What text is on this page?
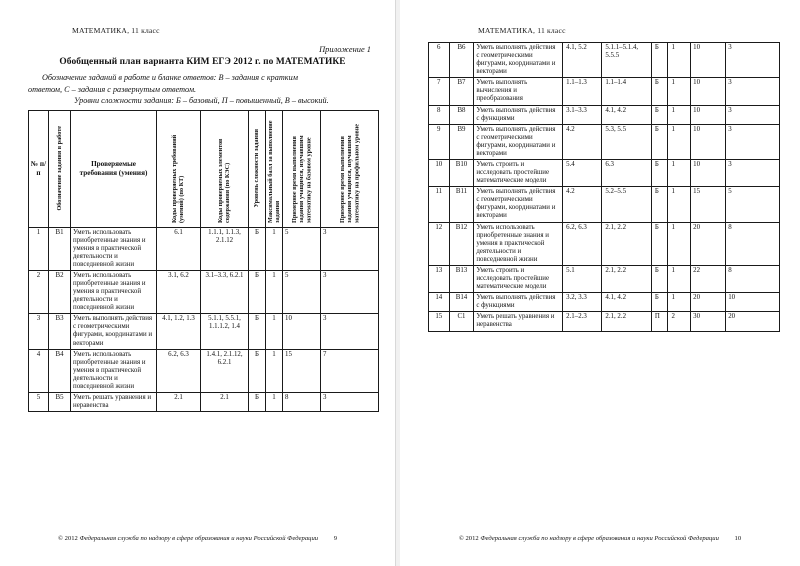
МАТЕМАТИКА, 11 класс
Приложение 1
Обобщенный план варианта КИМ ЕГЭ 2012 г. по МАТЕМАТИКЕ
Обозначение заданий в работе и бланке ответов: В – задания с кратким
ответом, С – задания с развернутым ответом.
Уровни сложности задания: Б – базовый, П – повышенный, В – высокий.
№ п/п	Обозначение задания в работе	Проверяемые требования (умения)	Коды проверяемых требований (умений) (по КТ)	Коды проверяемых элементов содержания (по КЭС)	Уровень сложности задания	Максимальный балл за выполнение задания	Примерное время выполнения задания учащимся, изучавшим математику на базовом уровне	Примерное время выполнения задания учащимся, изучавшим математику на профильном уровне

1	В1	Уметь использовать приобретенные знания и умения в практической деятельности и повседневной жизни	6.1	1.1.1, 1.1.3, 2.1.12	Б	1	5	3
2	В2	Уметь использовать приобретенные знания и умения в практической деятельности и повседневной жизни	3.1, 6.2	3.1–3.3, 6.2.1	Б	1	5	3
3	В3	Уметь выполнять действия с геометрическими фигурами, координатами и векторами	4.1, 1.2, 1.3	5.1.1, 5.5.1, 1.1.1.2, 1.4	Б	1	10	3
4	В4	Уметь использовать приобретенные знания и умения в практической деятельности и повседневной жизни	6.2, 6.3	1.4.1, 2.1.12, 6.2.1	Б	1	15	7
5	В5	Уметь решать уравнения и неравенства	2.1	2.1	Б	1	8	3
© 2012 Федеральная служба по надзору в сфере образования и науки Российской Федерации 9
МАТЕМАТИКА, 11 класс
6	В6	Уметь выполнять действия с геометрическими фигурами, координатами и векторами	4.1, 5.2	5.1.1–5.1.4, 5.5.5	Б	1	10	3
7	В7	Уметь выполнять вычисления и преобразования	1.1–1.3	1.1–1.4	Б	1	10	3
8	В8	Уметь выполнять действия с функциями	3.1–3.3	4.1, 4.2	Б	1	10	3
9	В9	Уметь выполнять действия с геометрическими фигурами, координатами и векторами	4.2	5.3, 5.5	Б	1	10	3
10	В10	Уметь строить и исследовать простейшие математические модели	5.4	6.3	Б	1	10	3
11	В11	Уметь выполнять действия с геометрическими фигурами, координатами и векторами	4.2	5.2–5.5	Б	1	15	5
12	В12	Уметь использовать приобретенные знания и умения в практической деятельности и повседневной жизни	6.2, 6.3	2.1, 2.2	Б	1	20	8
13	В13	Уметь строить и исследовать простейшие математические модели	5.1	2.1, 2.2	Б	1	22	8
14	В14	Уметь выполнять действия с функциями	3.2, 3.3	4.1, 4.2	Б	1	20	10
15	С1	Уметь решать уравнения и неравенства	2.1–2.3	2.1, 2.2	П	2	30	20
© 2012 Федеральная служба по надзору в сфере образования и науки Российской Федерации 10
